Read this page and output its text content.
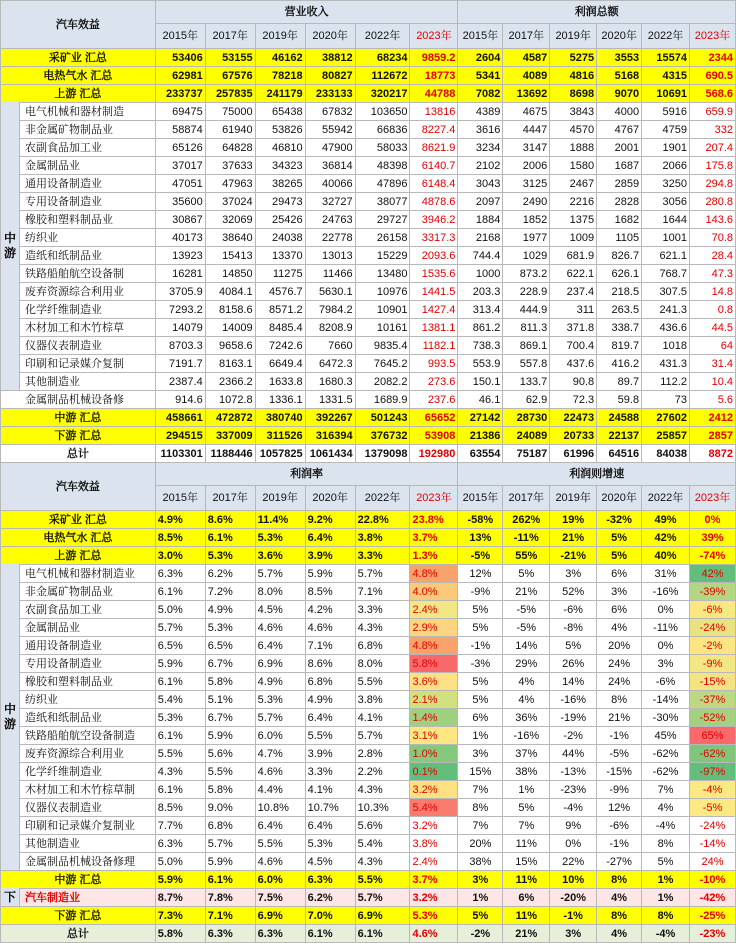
汽车效益	营业收入						利润总额					
	2015年	2017年	2019年	2020年	2022年	2023年	2015年	2017年	2019年	2020年	2022年	2023年
采矿业 汇总	53406	53155	46162	38812	68234	9859.2	2604	4587	5275	3553	15574	2344
电热气水 汇总	62981	67576	78218	80827	112672	18773	5341	4089	4816	5168	4315	690.5
上游 汇总	233737	257835	241179	233133	320217	44788	7082	13692	8698	9070	10691	568.6
电气机械和器材制造	69475	75000	65438	67832	103650	13816	4389	4675	3843	4000	5916	659.9
非金属矿物制品业	58874	61940	53826	55942	66836	8227.4	3616	4447	4570	4767	4759	332
农副食品加工业	65126	64828	46810	47900	58033	8621.9	3234	3147	1888	2001	1901	207.4
金属制品业	37017	37633	34323	36814	48398	6140.7	2102	2006	1580	1687	2066	175.8
通用设备制造业	47051	47963	38265	40066	47896	6148.4	3043	3125	2467	2859	3250	294.8
专用设备制造业	35600	37024	29473	32727	38077	4878.6	2097	2490	2216	2828	3056	280.8
橡胶和塑料制品业	30867	32069	25426	24763	29727	3946.2	1884	1852	1375	1682	1644	143.6
纺织业	40173	38640	24038	22778	26158	3317.3	2168	1977	1009	1105	1001	70.8
造纸和纸制品业	13923	15413	13370	13013	15229	2093.6	744.4	1029	681.9	826.7	621.1	28.4
铁路船舶航空设备制	16281	14850	11275	11466	13480	1535.6	1000	873.2	622.1	626.1	768.7	47.3
废弃资源综合利用业	3705.9	4084.1	4576.7	5630.1	10976	1441.5	203.3	228.9	237.4	218.5	307.5	14.8
化学纤维制造业	7293.2	8158.6	8571.2	7984.2	10901	1427.4	313.4	444.9	311	263.5	241.3	0.8
木材加工和木竹棕草	14079	14009	8485.4	8208.9	10161	1381.1	861.2	811.3	371.8	338.7	436.6	44.5
仪器仪表制造业	8703.3	9658.6	7242.6	7660	9835.4	1182.1	738.3	869.1	700.4	819.7	1018	64
印刷和记录媒介复制	7191.7	8163.1	6649.4	6472.3	7645.2	993.5	553.9	557.8	437.6	416.2	431.3	31.4
其他制造业	2387.4	2366.2	1633.8	1680.3	2082.2	273.6	150.1	133.7	90.8	89.7	112.2	10.4
金属制品机械设备修	914.6	1072.8	1336.1	1331.5	1689.9	237.6	46.1	62.9	72.3	59.8	73	5.6
中游 汇总	458661	472872	380740	392267	501243	65652	27142	28730	22473	24588	27602	2412
下游 汇总	294515	337009	311526	316394	376732	53908	21386	24089	20733	22137	25857	2857
总计	1103301	1188446	1057825	1061434	1379098	192980	63554	75187	61996	64516	84038	8872
汽车效益	利润率						利润则增速					
	2015年	2017年	2019年	2020年	2022年	2023年	2015年	2017年	2019年	2020年	2022年	2023年
采矿业 汇总	4.9%	8.6%	11.4%	9.2%	22.8%	23.8%	-58%	262%	19%	-32%	49%	0%
电热气水 汇总	8.5%	6.1%	5.3%	6.4%	3.8%	3.7%	13%	-11%	21%	5%	42%	39%
上游 汇总	3.0%	5.3%	3.6%	3.9%	3.3%	1.3%	-5%	55%	-21%	5%	40%	-74%
电气机械和器材制造业	6.3%	6.2%	5.7%	5.9%	5.7%	4.8%	12%	5%	3%	6%	31%	42%
非金属矿物制品业	6.1%	7.2%	8.0%	8.5%	7.1%	4.0%	-9%	21%	52%	3%	-16%	-39%
农副食品加工业	5.0%	4.9%	4.5%	4.2%	3.3%	2.4%	5%	-5%	-6%	6%	0%	-6%
金属制品业	5.7%	5.3%	4.6%	4.6%	4.3%	2.9%	5%	-5%	-8%	4%	-11%	-24%
通用设备制造业	6.5%	6.5%	6.4%	7.1%	6.8%	4.8%	-1%	14%	5%	20%	0%	-2%
专用设备制造业	5.9%	6.7%	6.9%	8.6%	8.0%	5.8%	-3%	29%	26%	24%	3%	-9%
橡胶和塑料制品业	6.1%	5.8%	4.9%	6.8%	5.5%	3.6%	5%	4%	14%	24%	-6%	-15%
纺织业	5.4%	5.1%	5.3%	4.9%	3.8%	2.1%	5%	4%	-16%	8%	-14%	-37%
造纸和纸制品业	5.3%	6.7%	5.7%	6.4%	4.1%	1.4%	6%	36%	-19%	21%	-30%	-52%
铁路船舶航空设备制造	6.1%	5.9%	6.0%	5.5%	5.7%	3.1%	1%	-16%	-2%	-1%	45%	65%
废弃资源综合利用业	5.5%	5.6%	4.7%	3.9%	2.8%	1.0%	3%	37%	44%	-5%	-62%	-62%
化学纤维制造业	4.3%	5.5%	4.6%	3.3%	2.2%	0.1%	15%	38%	-13%	-15%	-62%	-97%
木材加工和木竹棕草制	6.1%	5.8%	4.4%	4.1%	4.3%	3.2%	7%	1%	-23%	-9%	7%	-4%
仪器仪表制造业	8.5%	9.0%	10.8%	10.7%	10.3%	5.4%	8%	5%	-4%	12%	4%	-5%
印刷和记录媒介复制业	7.7%	6.8%	6.4%	6.4%	5.6%	3.2%	7%	7%	9%	-6%	-4%	-24%
其他制造业	6.3%	5.7%	5.5%	5.3%	5.4%	3.8%	20%	11%	0%	-1%	8%	-14%
金属制品机械设备修理	5.0%	5.9%	4.6%	4.5%	4.3%	2.4%	38%	15%	22%	-27%	5%	24%
中游 汇总	5.9%	6.1%	6.0%	6.3%	5.5%	3.7%	3%	11%	10%	8%	1%	-10%
汽车制造业	8.7%	7.8%	7.5%	6.2%	5.7%	3.2%	1%	6%	-20%	4%	1%	-42%
下游 汇总	7.3%	7.1%	6.9%	7.0%	6.9%	5.3%	5%	11%	-1%	8%	8%	-25%
总计	5.8%	6.3%	6.3%	6.1%	6.1%	4.6%	-2%	21%	3%	4%	-4%	-23%
中
游
中
游
下
